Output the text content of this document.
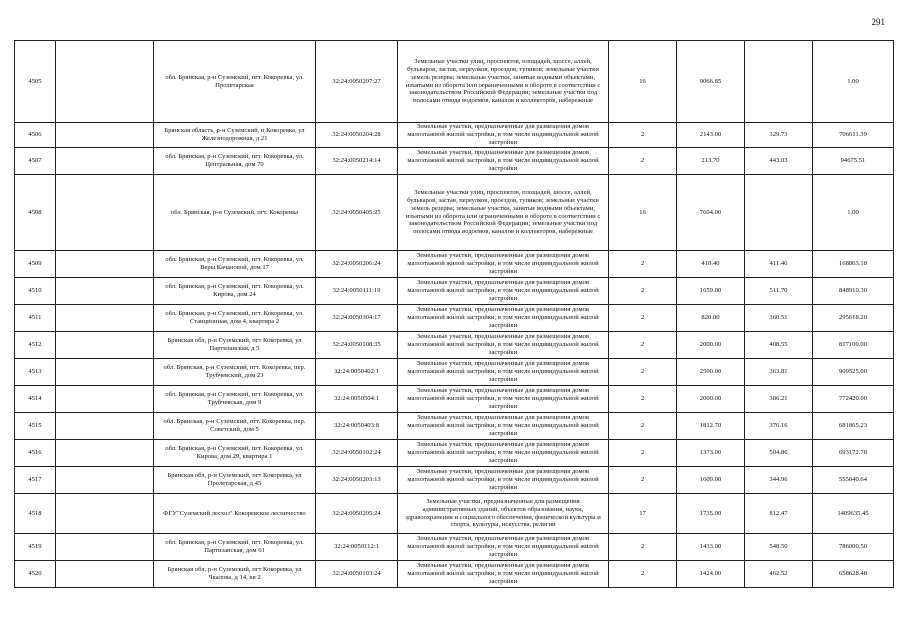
291
4505		обл. Брянская, р-н Суземский, пгт. Кокоревка, ул. Пролетарская	32:24:0050207:27	Земельные участки улиц, проспектов, площадей, шоссе, аллей, бульваров, застав, переулков, проездов, тупиков; земельные участки земель резерва; земельные участки, занятые водными объектами, изъятыми из оборота или ограниченными в обороте в соответствии с законодательством Российской Федерации; земельные участки под полосами отвода водоемов, каналов и коллекторов, набережные	16	9066.85		1.00
4506		Брянская область, р-н Суземский, п Кокоревка, ул Железнодорожная, д 21	32:24:0050204:28	Земельные участки, предназначенные для размещения домов малоэтажной жилой застройки, в том числе индивидуальной жилой застройки	2	2143.00	329.73	706611.39
4507		обл. Брянская, р-н Суземский, пгт. Кокоревка, ул. Центральная, дом 70	32:24:0050214:14	Земельные участки, предназначенные для размещения домов малоэтажной жилой застройки, в том числе индивидуальной жилой застройки	2	213.70	443.03	94675.51
4508		обл. Брянская, р-н Суземский, пгт. Кокоревка	32:24:0050405:25	Земельные участки улиц, проспектов, площадей, шоссе, аллей, бульваров, застав, переулков, проездов, тупиков; земельные участки земель резерва; земельные участки, занятые водными объектами, изъятыми из оборота или ограниченными в обороте в соответствии с законодательством Российской Федерации; земельные участки под полосами отвода водоемов, каналов и коллекторов, набережные	16	7604.00		1.00
4509		обл. Брянская, р-н Суземский, пгт. Кокоревка, ул. Веры Качановой, дом 17	32:24:0050206:24	Земельные участки, предназначенные для размещения домов малоэтажной жилой застройки, в том числе индивидуальной жилой застройки	2	410.40	411.46	168863.18
4510		обл. Брянская, р-н Суземский, пгт. Кокоревка, ул. Кирова, дом 24	32:24:0050111:19	Земельные участки, предназначенные для размещения домов малоэтажной жилой застройки, в том числе индивидуальной жилой застройки	2	1659.00	511.70	848910.30
4511		обл. Брянская, р-н Суземский, пгт. Кокоревка, ул. Станционная, дом 4, квартира 2	32:24:0050304:17	Земельные участки, предназначенные для размещения домов малоэтажной жилой застройки, в том числе индивидуальной жилой застройки	2	820.00	360.51	295618.20
4512		Брянская обл, р-н Суземский, пгт Кокоревка, ул Партизанская, д 5	32:24:0050108:35	Земельные участки, предназначенные для размещения домов малоэтажной жилой застройки, в том числе индивидуальной жилой застройки	2	2000.00	408.55	817100.00
4513		обл. Брянская, р-н Суземский, пгт. Кокоревка, пер. Трубчевский, дом 23	32:24:0050402:1	Земельные участки, предназначенные для размещения домов малоэтажной жилой застройки, в том числе индивидуальной жилой застройки	2	2500.00	363.81	909525.00
4514		обл. Брянская, р-н Суземский, пгт. Кокоревка, ул. Трубчевская, дом 9	32:24:0050504:1	Земельные участки, предназначенные для размещения домов малоэтажной жилой застройки, в том числе индивидуальной жилой застройки	2	2000.00	386.21	772420.00
4515		обл. Брянская, р-н Суземский, пгт. Кокоревка, пер. Советский, дом 5	32:24:0050403:8	Земельные участки, предназначенные для размещения домов малоэтажной жилой застройки, в том числе индивидуальной жилой застройки	2	1812.70	376.16	681865.23
4516		обл. Брянская, р-н Суземский, пгт. Кокоревка, ул. Кирова, дом 29, квартира 1	32:24:0050102:24	Земельные участки, предназначенные для размещения домов малоэтажной жилой застройки, в том числе индивидуальной жилой застройки	2	1373.00	504.86	693172.78
4517		Брянская обл, р-н Суземский, пгт Кокоревка, ул Пролетарская, д 45	32:24:0050203:13	Земельные участки, предназначенные для размещения домов малоэтажной жилой застройки, в том числе индивидуальной жилой застройки	2	1609.00	344.96	555040.64
4518		ФГУ"Суземский лесхоз" Кокоревское лесничество	32:24:0050205:24	Земельные участки, предназначенные для размещения административных зданий, объектов образования, науки, здравоохранения и социального обеспечения, физической культуры и спорта, культуры, искусства, религии	17	1735.00	812.47	1409635.45
4519		обл. Брянская, р-н Суземский, пгт. Кокоревка, ул. Партизанская, дом 61	32:24:0050112:1	Земельные участки, предназначенные для размещения домов малоэтажной жилой застройки, в том числе индивидуальной жилой застройки	2	1433.00	548.50	786000.50
4520		Брянская обл, р-н Суземский, пгт Кокоревка, ул Чкалова, д 14, кв 2	32:24:0050103:24	Земельные участки, предназначенные для размещения домов малоэтажной жилой застройки, в том числе индивидуальной жилой застройки	2	1424.00	462.52	658628.48
